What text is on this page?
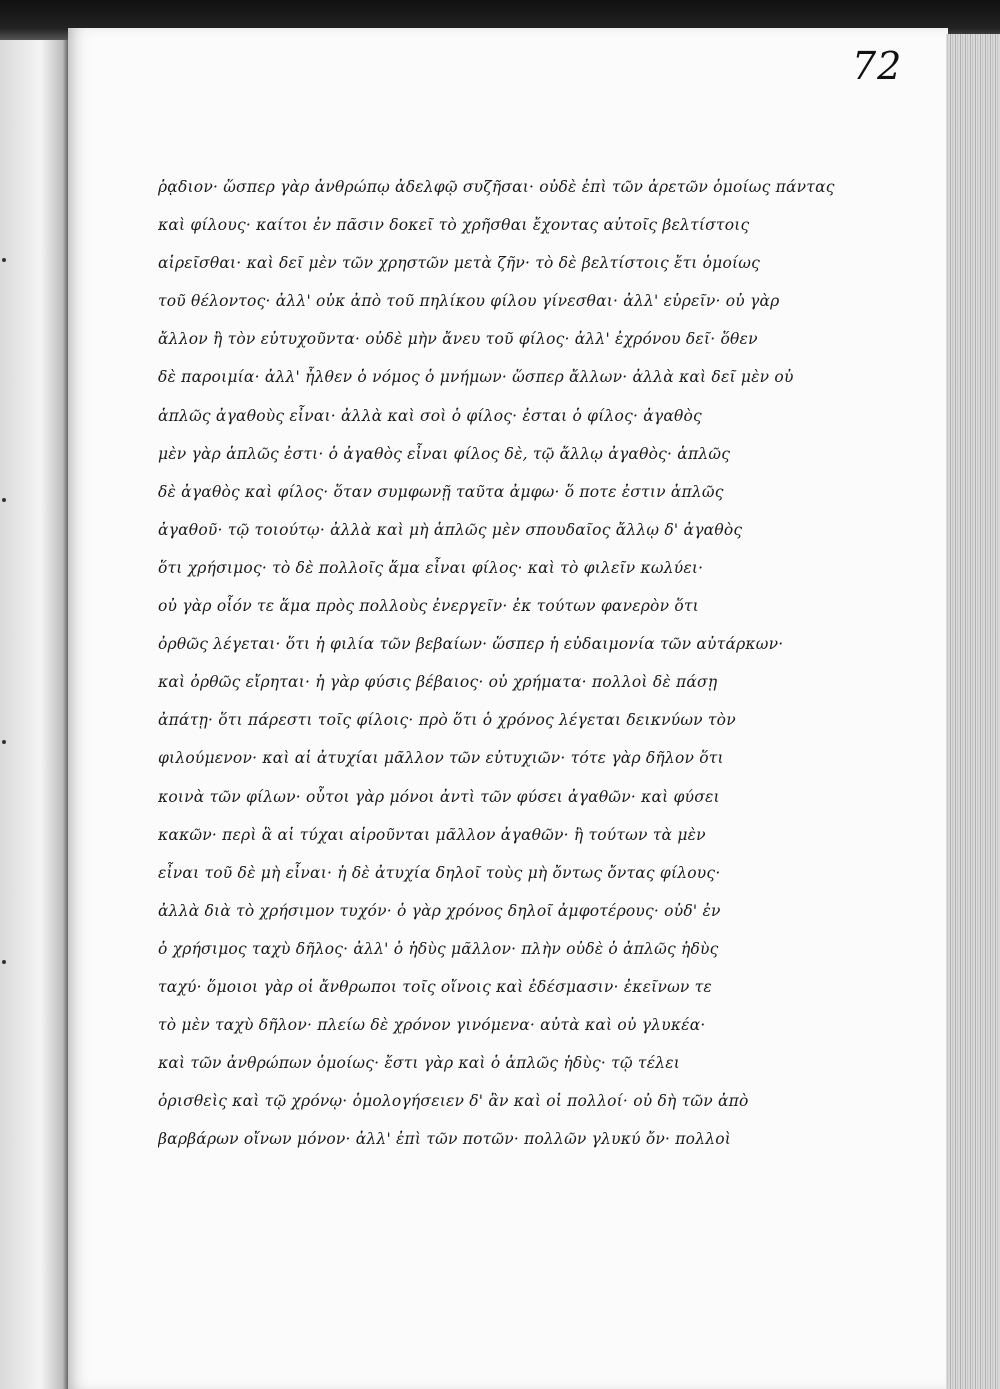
72
ῥᾳδιον· ὥσπερ γὰρ ἀνθρώπῳ ἀδελφῷ συζῆσαι· οὐδὲ ἐπὶ τῶν ἀρετῶν ὁμοίως πάντας
καὶ φίλους· καίτοι ἐν πᾶσιν δοκεῖ τὸ χρῆσθαι ἔχοντας αὐτοῖς βελτίστοις
αἱρεῖσθαι· καὶ δεῖ μὲν τῶν χρηστῶν μετὰ ζῆν· τὸ δὲ βελτίστοις ἔτι ὁμοίως
τοῦ θέλοντος· ἀλλ' οὐκ ἀπὸ τοῦ πηλίκου φίλου γίνεσθαι· ἀλλ' εὑρεῖν· οὐ γὰρ
ἄλλον ἢ τὸν εὐτυχοῦντα· οὐδὲ μὴν ἄνευ τοῦ φίλος· ἀλλ' ἐχρόνου δεῖ· ὅθεν
δὲ παροιμία· ἀλλ' ἦλθεν ὁ νόμος ὁ μνήμων· ὥσπερ ἄλλων· ἀλλὰ καὶ δεῖ μὲν οὐ
ἁπλῶς ἀγαθοὺς εἶναι· ἀλλὰ καὶ σοὶ ὁ φίλος· ἐσται ὁ φίλος· ἀγαθὸς
μὲν γὰρ ἁπλῶς ἐστι· ὁ ἀγαθὸς εἶναι φίλος δὲ, τῷ ἄλλῳ ἀγαθὸς· ἁπλῶς
δὲ ἀγαθὸς καὶ φίλος· ὅταν συμφωνῇ ταῦτα ἀμφω· ὅ ποτε ἐστιν ἁπλῶς
ἀγαθοῦ· τῷ τοιούτῳ· ἀλλὰ καὶ μὴ ἁπλῶς μὲν σπουδαῖος ἄλλῳ δ' ἀγαθὸς
ὅτι χρήσιμος· τὸ δὲ πολλοῖς ἅμα εἶναι φίλος· καὶ τὸ φιλεῖν κωλύει·
οὐ γὰρ οἷόν τε ἅμα πρὸς πολλοὺς ἐνεργεῖν· ἐκ τούτων φανερὸν ὅτι
ὀρθῶς λέγεται· ὅτι ἡ φιλία τῶν βεβαίων· ὥσπερ ἡ εὐδαιμονία τῶν αὐτάρκων·
καὶ ὀρθῶς εἴρηται· ἡ γὰρ φύσις βέβαιος· οὐ χρήματα· πολλοὶ δὲ πάσῃ
ἀπάτῃ· ὅτι πάρεστι τοῖς φίλοις· πρὸ ὅτι ὁ χρόνος λέγεται δεικνύων τὸν
φιλούμενον· καὶ αἱ ἀτυχίαι μᾶλλον τῶν εὐτυχιῶν· τότε γὰρ δῆλον ὅτι
κοινὰ τῶν φίλων· οὗτοι γὰρ μόνοι ἀντὶ τῶν φύσει ἀγαθῶν· καὶ φύσει
κακῶν· περὶ ἃ αἱ τύχαι αἱροῦνται μᾶλλον ἀγαθῶν· ἢ τούτων τὰ μὲν
εἶναι τοῦ δὲ μὴ εἶναι· ἡ δὲ ἀτυχία δηλοῖ τοὺς μὴ ὄντως ὄντας φίλους·
ἀλλὰ διὰ τὸ χρήσιμον τυχόν· ὁ γὰρ χρόνος δηλοῖ ἀμφοτέρους· οὐδ' ἐν
ὁ χρήσιμος ταχὺ δῆλος· ἀλλ' ὁ ἡδὺς μᾶλλον· πλὴν οὐδὲ ὁ ἁπλῶς ἡδὺς
ταχύ· ὅμοιοι γὰρ οἱ ἄνθρωποι τοῖς οἴνοις καὶ ἐδέσμασιν· ἐκεῖνων τε
τὸ μὲν ταχὺ δῆλον· πλείω δὲ χρόνον γινόμενα· αὐτὰ καὶ οὐ γλυκέα·
καὶ τῶν ἀνθρώπων ὁμοίως· ἔστι γὰρ καὶ ὁ ἁπλῶς ἡδὺς· τῷ τέλει
ὁρισθεὶς καὶ τῷ χρόνῳ· ὁμολογήσειεν δ' ἂν καὶ οἱ πολλοί· οὐ δὴ τῶν ἀπὸ
βαρβάρων οἴνων μόνον· ἀλλ' ἐπὶ τῶν ποτῶν· πολλῶν γλυκύ ὄν· πολλοὶ
